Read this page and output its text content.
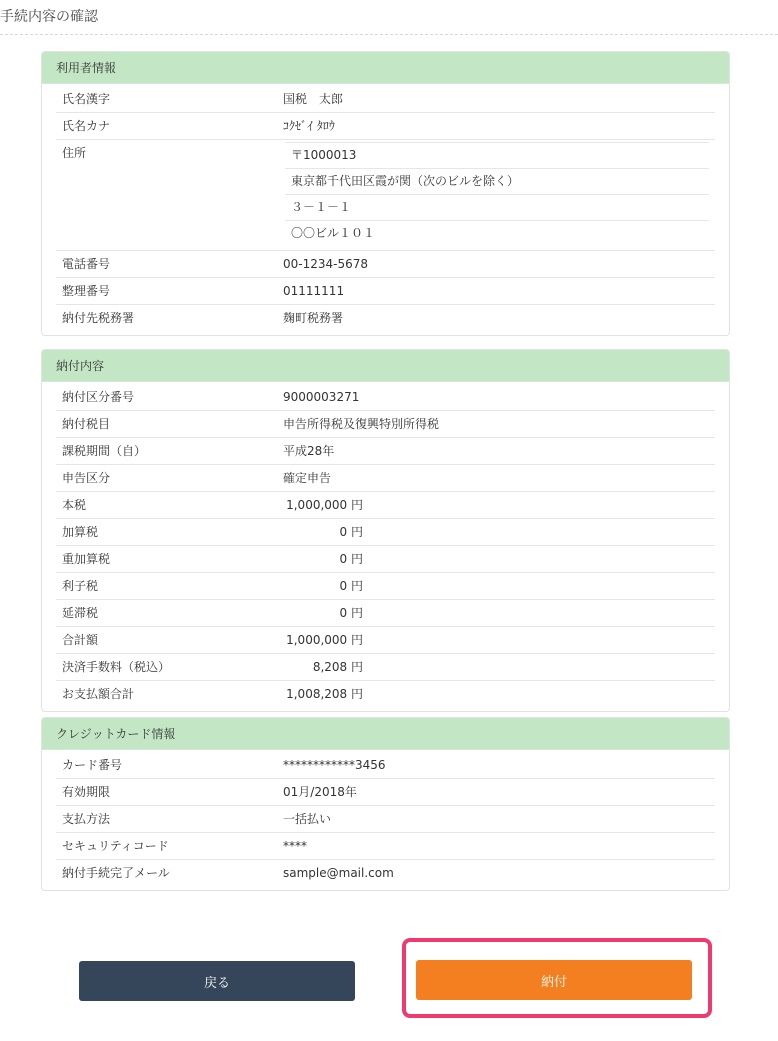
手続内容の確認
利用者情報
氏名漢字	国税　太郎
氏名カナ	ｺｸｾﾞｲ ﾀﾛｳ
住所	〒1000013
東京都千代田区霞が関（次のビルを除く）
３－１－１
〇〇ビル１０１
電話番号	00-1234-5678
整理番号	01111111
納付先税務署	麹町税務署
納付内容
納付区分番号	9000003271
納付税目	申告所得税及復興特別所得税
課税期間（自）	平成28年
申告区分	確定申告
本税	1,000,000 円
加算税	0 円
重加算税	0 円
利子税	0 円
延滞税	0 円
合計額	1,000,000 円
決済手数料（税込）	8,208 円
お支払額合計	1,008,208 円
クレジットカード情報
カード番号	************3456
有効期限	01月/2018年
支払方法	一括払い
セキュリティコード	****
納付手続完了メール	sample@mail.com
戻る	納付
